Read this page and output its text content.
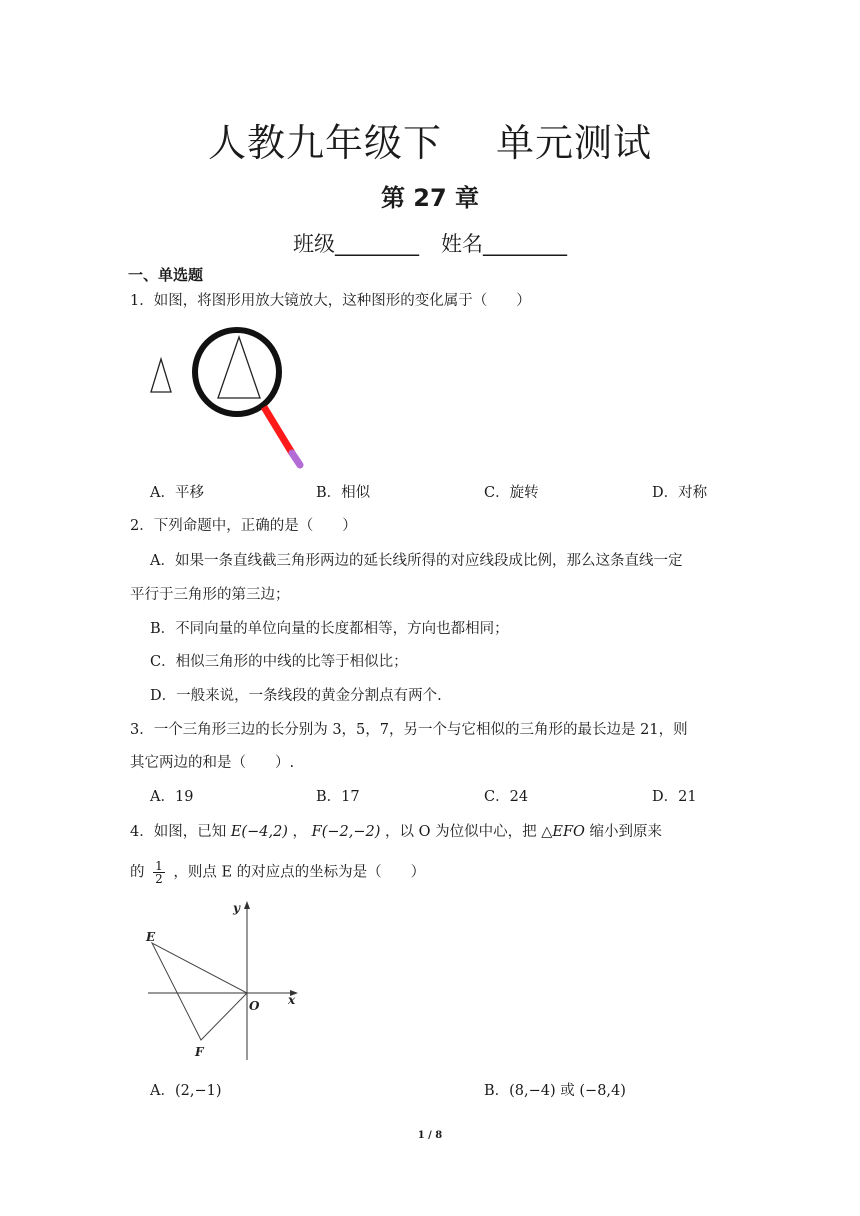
人教九年级下 单元测试
第 27 章
班级________ 姓名________
一、单选题
1．如图，将图形用放大镜放大，这种图形的变化属于（　　）
A．平移	B．相似	C．旋转	D．对称
2．下列命题中，正确的是（　　）
A．如果一条直线截三角形两边的延长线所得的对应线段成比例，那么这条直线一定
平行于三角形的第三边；
B．不同向量的单位向量的长度都相等，方向也都相同；
C．相似三角形的中线的比等于相似比；
D．一般来说，一条线段的黄金分割点有两个.
3．一个三角形三边的长分别为 3，5，7，另一个与它相似的三角形的最长边是 21，则
其它两边的和是（　　）.
A．19	B．17	C．24	D．21
4．如图，已知 E(−4,2) ， F(−2,−2) ，以 O 为位似中心，把 △EFO 缩小到原来
的 $\frac{1}{2}$ ，则点 E 的对应点的坐标为是（　　）
y
E
O x
F
A．(2,−1)	B．(8,−4) 或 (−8,4)
1 / 8
